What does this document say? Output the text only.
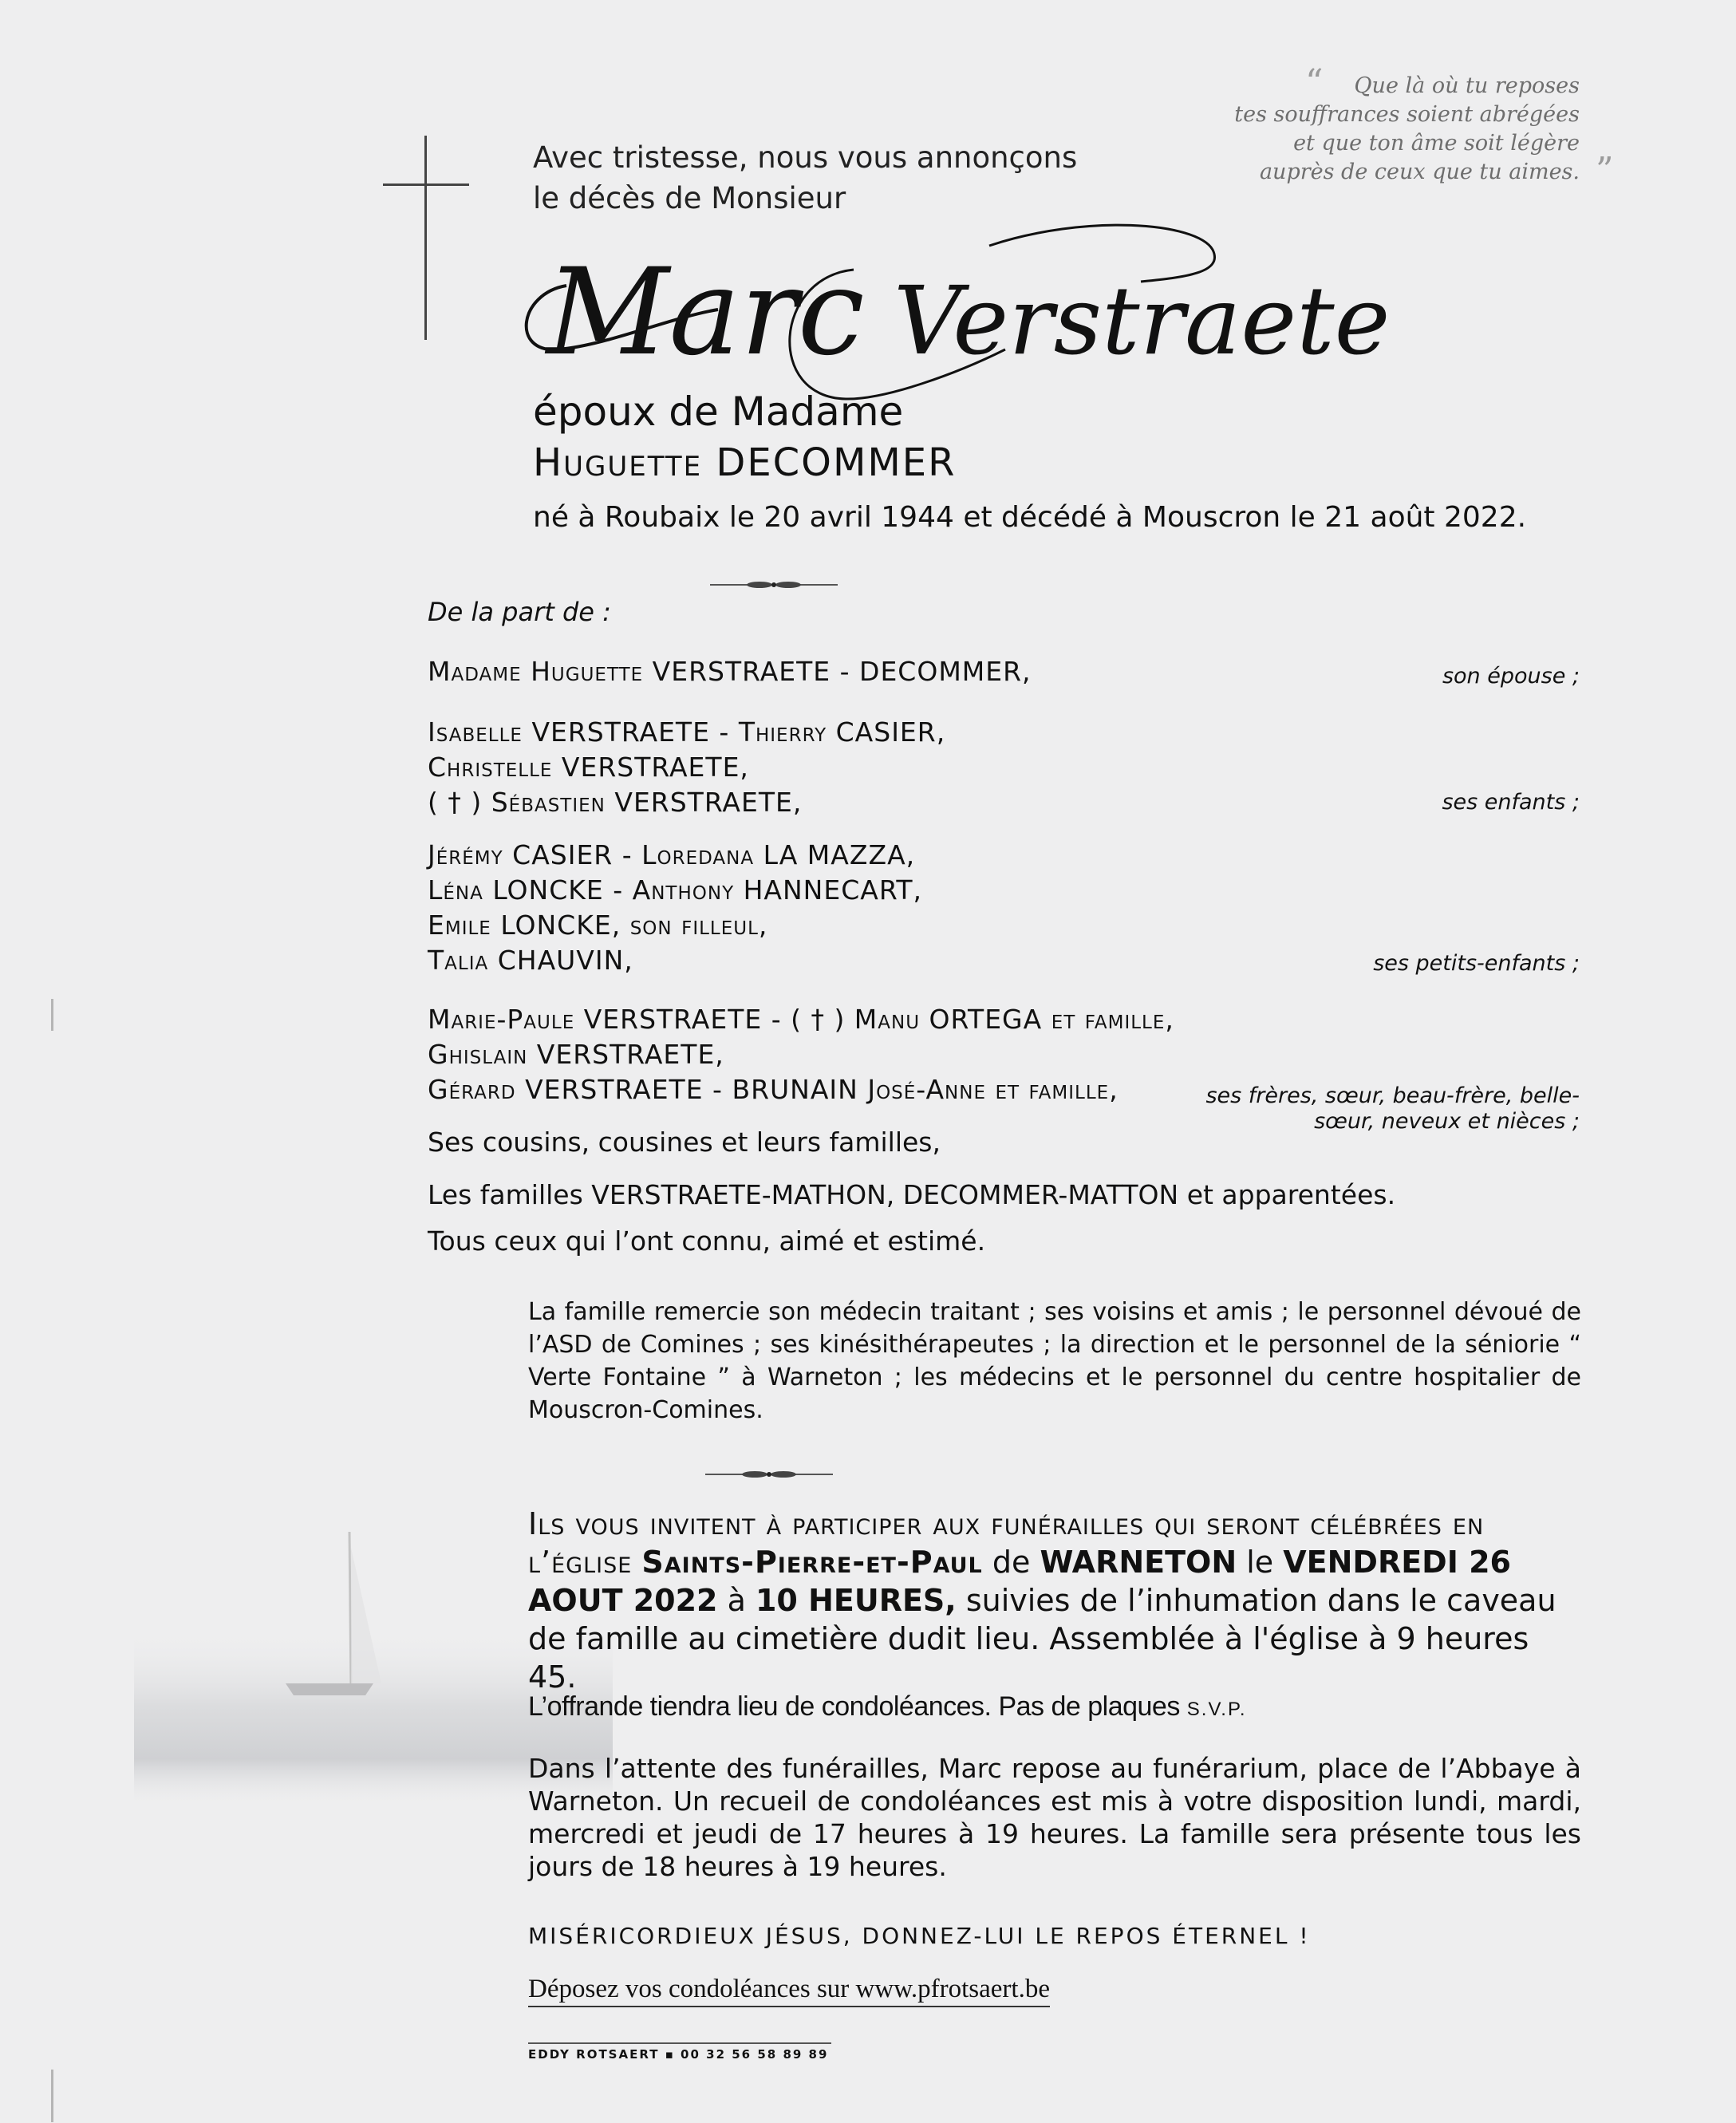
“	Que là où tu reposes
tes souffrances soient abrégées
et que ton âme soit légère
auprès de ceux que tu aimes. ”
Avec tristesse, nous vous annonçons
le décès de Monsieur
Marc Verstraete
époux de Madame
Huguette DECOMMER
né à Roubaix le 20 avril 1944 et décédé à Mouscron le 21 août 2022.
De la part de :
Madame Huguette VERSTRAETE - DECOMMER,	son épouse ;
Isabelle VERSTRAETE - Thierry CASIER,
Christelle VERSTRAETE,
( † ) Sébastien VERSTRAETE,	ses enfants ;
Jérémy CASIER - Loredana LA MAZZA,
Léna LONCKE - Anthony HANNECART,
Emile LONCKE, son filleul,
Talia CHAUVIN,	ses petits-enfants ;
Marie-Paule VERSTRAETE - ( † ) Manu ORTEGA et famille,
Ghislain VERSTRAETE,
Gérard VERSTRAETE - BRUNAIN José-Anne et famille,	ses frères, sœur, beau-frère, belle-
sœur, neveux et nièces ;
Ses cousins, cousines et leurs familles,
Les familles VERSTRAETE-MATHON, DECOMMER-MATTON et apparentées.
Tous ceux qui l’ont connu, aimé et estimé.
La famille remercie son médecin traitant ; ses voisins et amis ; le personnel dévoué de l’ASD de Comines ; ses kinésithérapeutes ; la direction et le personnel de la séniorie “ Verte Fontaine ” à Warneton ; les médecins et le personnel du centre hospitalier de Mouscron-Comines.
Ils vous invitent à participer aux funérailles qui seront célébrées en l’église Saints-Pierre-et-Paul de WARNETON le VENDREDI 26 AOUT 2022 à 10 HEURES, suivies de l’inhumation dans le caveau de famille au cimetière dudit lieu. Assemblée à l'église à 9 heures 45.
L’offrande tiendra lieu de condoléances. Pas de plaques S.V.P.
Dans l’attente des funérailles, Marc repose au funérarium, place de l’Abbaye à Warneton. Un recueil de condoléances est mis à votre disposition lundi, mardi, mercredi et jeudi de 17 heures à 19 heures. La famille sera présente tous les jours de 18 heures à 19 heures.
MISÉRICORDIEUX JÉSUS, DONNEZ-LUI LE REPOS ÉTERNEL !
Déposez vos condoléances sur www.pfrotsaert.be
EDDY ROTSAERT ▪ 00 32 56 58 89 89
